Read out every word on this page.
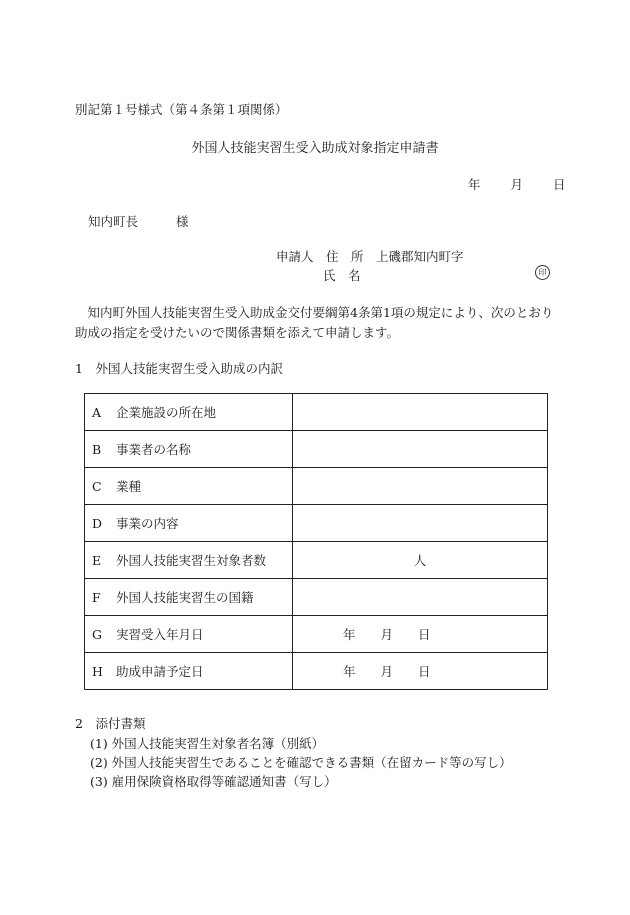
別記第１号様式（第４条第１項関係）
外国人技能実習生受入助成対象指定申請書
年 月 日
知内町長	様
申請人　住　所　上磯郡知内町字
氏　名	印
知内町外国人技能実習生受入助成金交付要綱第4条第1項の規定により、次のとおり助成の指定を受けたいので関係書類を添えて申請します。
1　外国人技能実習生受入助成の内訳
A 企業施設の所在地	

B 事業者の名称	

C 業種	

D 事業の内容	

E 外国人技能実習生対象者数	人

F 外国人技能実習生の国籍	

G 実習受入年月日	年　　月　　日

H 助成申請予定日	年　　月　　日
2　添付書類
(1) 外国人技能実習生対象者名簿（別紙）
(2) 外国人技能実習生であることを確認できる書類（在留カード等の写し）
(3) 雇用保険資格取得等確認通知書（写し）
